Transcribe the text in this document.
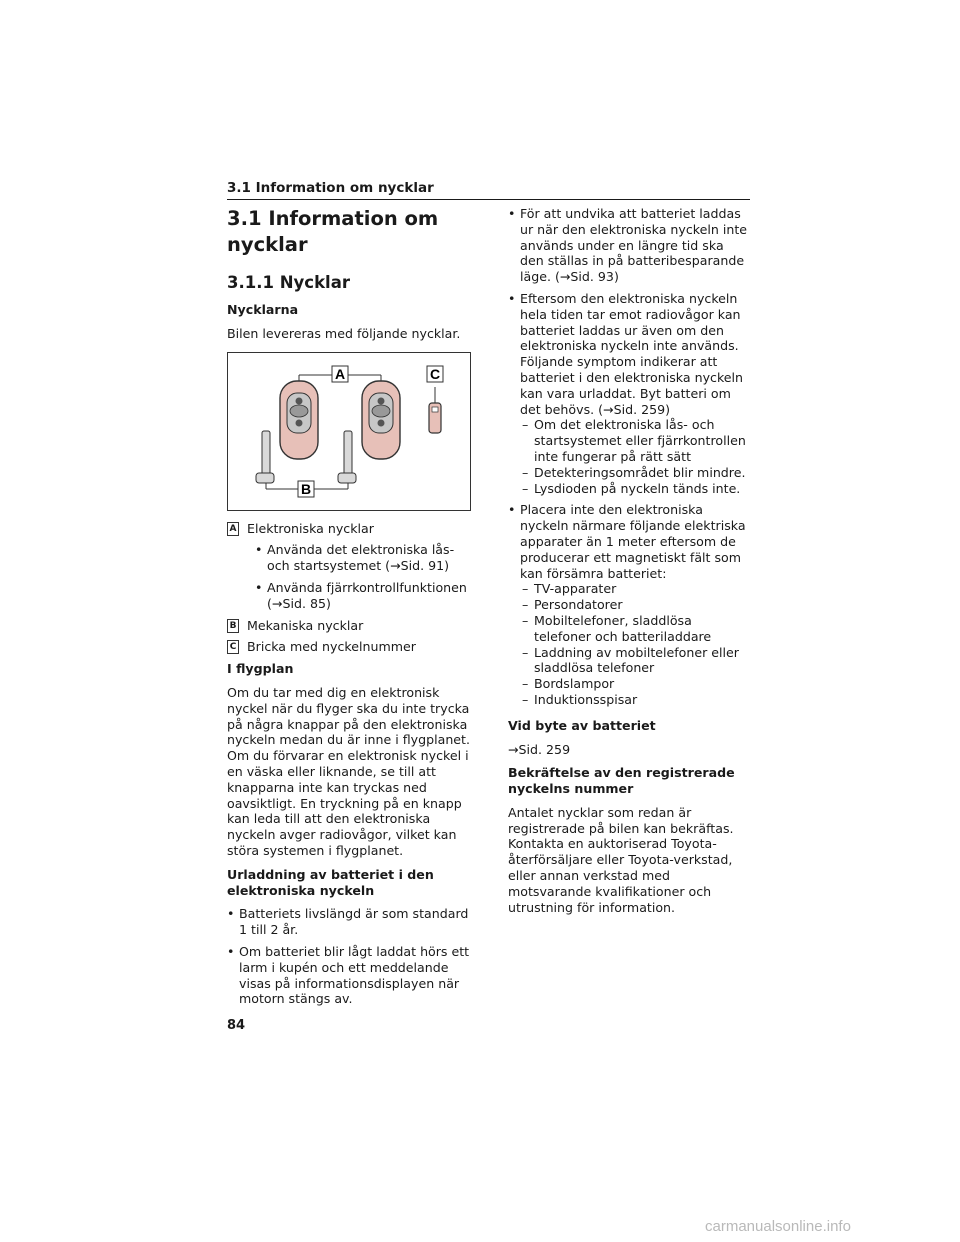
3.1 Information om nycklar
3.1 Information om nycklar
3.1.1 Nycklar
Nycklarna

Bilen levereras med följande nycklar.

A
B
C
A Elektroniska nycklar
• Använda det elektroniska lås- och startsystemet (→Sid. 91)
• Använda fjärrkontrollfunktionen (→Sid. 85)
B Mekaniska nycklar
C Bricka med nyckelnummer
I flygplan

Om du tar med dig en elektronisk nyckel när du flyger ska du inte trycka på några knappar på den elektroniska nyckeln medan du är inne i flygplanet. Om du förvarar en elektronisk nyckel i en väska eller liknande, se till att knapparna inte kan tryckas ned oavsiktligt. En tryckning på en knapp kan leda till att den elektroniska nyckeln avger radiovågor, vilket kan störa systemen i flygplanet.

Urladdning av batteriet i den elektroniska nyckeln
• Batteriets livslängd är som standard 1 till 2 år.
• Om batteriet blir lågt laddat hörs ett larm i kupén och ett meddelande visas på informationsdisplayen när motorn stängs av.
• För att undvika att batteriet laddas ur när den elektroniska nyckeln inte används under en längre tid ska den ställas in på batteribesparande läge. (→Sid. 93)
• Eftersom den elektroniska nyckeln hela tiden tar emot radiovågor kan batteriet laddas ur även om den elektroniska nyckeln inte används. Följande symptom indikerar att batteriet i den elektroniska nyckeln kan vara urladdat. Byt batteri om det behövs. (→Sid. 259)
– Om det elektroniska lås- och startsystemet eller fjärrkontrollen inte fungerar på rätt sätt
– Detekteringsområdet blir mindre.
– Lysdioden på nyckeln tänds inte.
• Placera inte den elektroniska nyckeln närmare följande elektriska apparater än 1 meter eftersom de producerar ett magnetiskt fält som kan försämra batteriet:
– TV-apparater
– Persondatorer
– Mobiltelefoner, sladdlösa telefoner och batteriladdare
– Laddning av mobiltelefoner eller sladdlösa telefoner
– Bordslampor
– Induktionsspisar
Vid byte av batteriet

→Sid. 259

Bekräftelse av den registrerade nyckelns nummer

Antalet nycklar som redan är registrerade på bilen kan bekräftas. Kontakta en auktoriserad Toyota-återförsäljare eller Toyota-verkstad, eller annan verkstad med motsvarande kvalifikationer och utrustning för information.

84
carmanualsonline.info
